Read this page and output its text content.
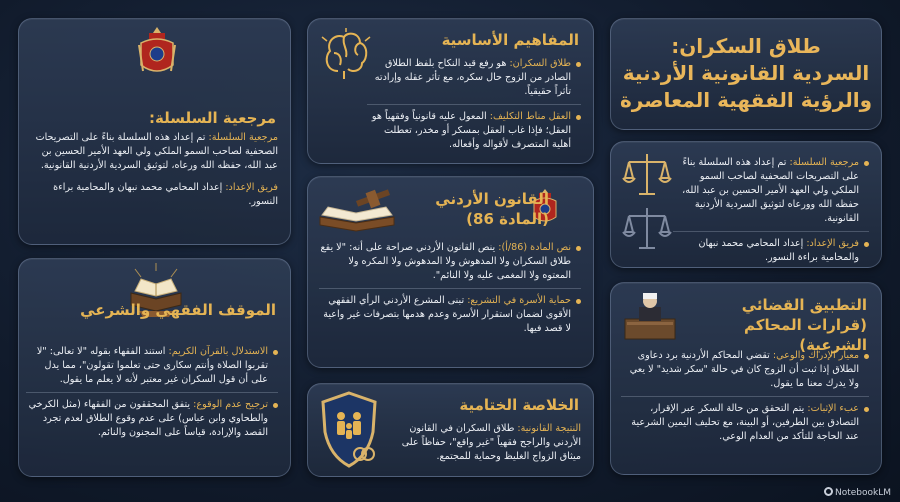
طلاق السكران:
السردية القانونية الأردنية
والرؤية الفقهية المعاصرة
مرجعية السلسلة: تم إعداد هذه السلسلة بناءً على التصريحات الصحفية لصاحب السمو الملكي ولي العهد الأمير الحسين بن عبد الله، حفظه الله وورعاه لتوثيق السردية الأردنية القانونية.
فريق الإعداد: إعداد المحامي محمد نبهان والمحامية براءة النسور.
التطبيق القضائي
(قرارات المحاكم الشرعية)
معيار الإدراك والوعي: تقضي المحاكم الأردنية برد دعاوى الطلاق إذا ثبت أن الزوج كان في حالة "سكر شديد" لا يعي ولا يدرك معنا ما يقول.
عبء الإثبات: يتم التحقق من حالة السكر عبر الإقرار، التصادق بين الطرفين، أو البينة، مع تحليف اليمين الشرعية عند الحاجة للتأكد من العدام الوعي.
المفاهيم الأساسية
طلاق السكران: هو رفع قيد النكاح بلفظ الطلاق الصادر من الزوج حال سكره، مع تأثر عقله وإرادته تأثراً حقيقياً.
العقل مناط التكليف: المعول عليه قانونياً وفقهياً هو العقل؛ فإذا غاب العقل بمسكر أو مخدر، تعطلت أهلية المتصرف لأقواله وأفعاله.
القانون الأردني
(المادة 86)
نص المادة (86/أ): ينص القانون الأردني صراحة على أنه: "لا يقع طلاق السكران ولا المدهوش ولا المدهوش ولا المكره ولا المعتوه ولا المغمى عليه ولا النائم".
حماية الأسرة في التشريع: تبنى المشرع الأردني الرأي الفقهي الأقوى لضمان استقرار الأسرة وعدم هدمها بتصرفات غير واعية لا قصد فيها.
الخلاصة الختامية
النتيجة القانونية: طلاق السكران في القانون الأردني والراجح فقهياً "غير واقع"، حفاظاً على ميثاق الزواج الغليظ وحماية للمجتمع.
مرجعية السلسلة:
مرجعية السلسلة: تم إعداد هذه السلسلة بناءً على التصريحات الصحفية لصاحب السمو الملكي ولي العهد الأمير الحسين بن عبد الله، حفظه الله ورعاه، لتوثيق السردية الأردنية القانونية.
فريق الإعداد: إعداد المحامي محمد نبهان والمحامية براءة النسور.
الموقف الفقهي والشرعي
الاستدلال بالقرآن الكريم: استند الفقهاء بقوله "لا تعالى: "لا تقربوا الصلاة وأنتم سكارى حتى تعلموا تقولون"، مما يدل على أن قول السكران غير معتبر لأنه لا يعلم ما يقول.
ترجيح عدم الوقوع: يتفق المحققون من الفقهاء (مثل الكرخي والطحاوي وابن عباس) على عدم وقوع الطلاق لعدم تجرد القصد والإرادة، قياساً على المجنون والنائم.
NotebookLM
